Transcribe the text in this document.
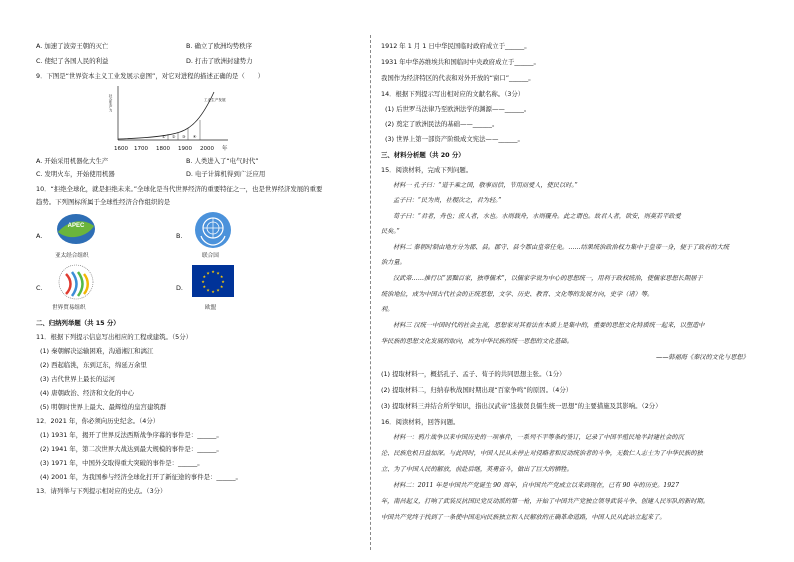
A. 加速了波旁王朝的灭亡	B. 确立了欧洲均势秩序
C. 使纪了各国人民的利益	D. 打击了欧洲封建势力
9．下图是“世界资本主义工业发展示意图”，对它对进程的描述正确的是（　　）
社会生产力	工业生产发展
① ② ③ ④
1600 1700 1800 1900 2000 年
A. 开始采用机器化大生产	B. 人类进入了“电气时代”
C. 发明火车，开始使用机器	D. 电子计算机得到广泛应用
10．“拒绝全球化，就是拒绝未来。”全球化是当代世界经济的重要特征之一，也是世界经济发展的重要
趋势。下列图标所属于全球性经济合作组织的是
A.
APEC
亚太经合组织
B.
联合国
C.
世界贸易组织
D.
★ ★
★
★
★
★
★
★
★
★
★
★
欧盟
二、归纳列举题（共 15 分）
11．根据下列提示信息写出相应的工程或建筑。（5分）
(1) 秦朝解决运输困难，沟通湘江和漓江
(2) 西起临洮，东到辽东，绵延万余里
(3) 古代世界上最长的运河
(4) 唐朝政治、经济和文化的中心
(5) 明朝时世界上最大、最辉煌的皇宫建筑群
12．2021 年，你必须向历史纪念。（4分）
(1) 1931 年，揭开了世界反法西斯战争序幕的事件是：______。
(2) 1941 年，第二次世界大战达到最大规模的事件是：______。
(3) 1971 年，中国外交取得重大突破的事件是：______。
(4) 2001 年，为我国参与经济全球化打开了新征途的事件是：______。
13．请列举与下列提示相对应的史点。（3分）
1912 年 1 月 1 日中华民国临时政府成立于______。
1931 年中华苏维埃共和国临时中央政府成立于______。
我国作为经济特区的代表和对外开放的“窗口”______。
14．根据下列提示写出相对应的文献名称。（3分）
(1) 后世罗马法律乃至欧洲法学的渊源——______。
(2) 奠定了欧洲民法的基础——______。
(3) 世界上第一部资产阶级成文宪法——______。
三、材料分析题（共 20 分）
15．阅读材料，完成下列问题。
材料一 孔子曰：“道千乘之国，敬事而信，节用而爱人，使民以时。”
孟子曰：“民为贵，社稷次之，君为轻。”
荀子曰：“君者，舟也；庶人者，水也。水则载舟，水则覆舟。此之谓也。故君人者，欲安，则莫若平政爱
民矣。”
材料二 秦朝时制由地方分为郡、县。郡守、县令都由皇帝任免。……结果统治政治权力集中于皇帝一身，便于了政府的大统
治力量。
汉武帝……推行以“罢黜百家，独尊儒术”，以儒家学说为中心的思想统一，用利于政权统治，使儒家思想长期居于
统治地位，成为中国古代社会的正统思想，文学、历史、教育、文化等的发展方向，史学（诸）等。
利。
材料三 汉统一中国时代的社会主流，思想家对其看法在本质上是集中的，重要的思想文化特质统一起来，以塑造中
华民族的思想文化发展的取向，成为中华民族的统一思想的文化基础。
——韩福海《秦汉的文化与思想》
(1) 提取材料一，概括孔子、孟子、荀子的共同思想主张。（1分）
(2) 提取材料二，归纳春秋战国时期出现“百家争鸣”的原因。（4分）
(3) 提取材料三并结合所学知识，指出汉武帝“选拔贤良儒生统一思想”的主要措施及其影响。（2分）
16．阅读材料，回答问题。
材料一：鸦片战争以来中国历史的一项事件，一系列不平等条约签订，记录了中国半殖民地半封建社会的沉
沦、民族危机日益加深。与此同时，中国人民从未停止对侵略者和反动统治者的斗争，无数仁人志士为了中华民族的独
立、为了中国人民的解放，前赴后继，英勇奋斗，做出了巨大的牺牲。
材料二：2011 年是中国共产党诞生 90 周年，自中国共产党成立以来到现在，已有 90 年的历史。1927
年，南昌起义，打响了武装反抗国民党反动派的第一枪，开始了中国共产党独立领导武装斗争、创建人民军队的新时期。
中国共产党终于找到了一条使中国走向民族独立和人民解放的正确革命道路，中国人民从此站立起来了。
